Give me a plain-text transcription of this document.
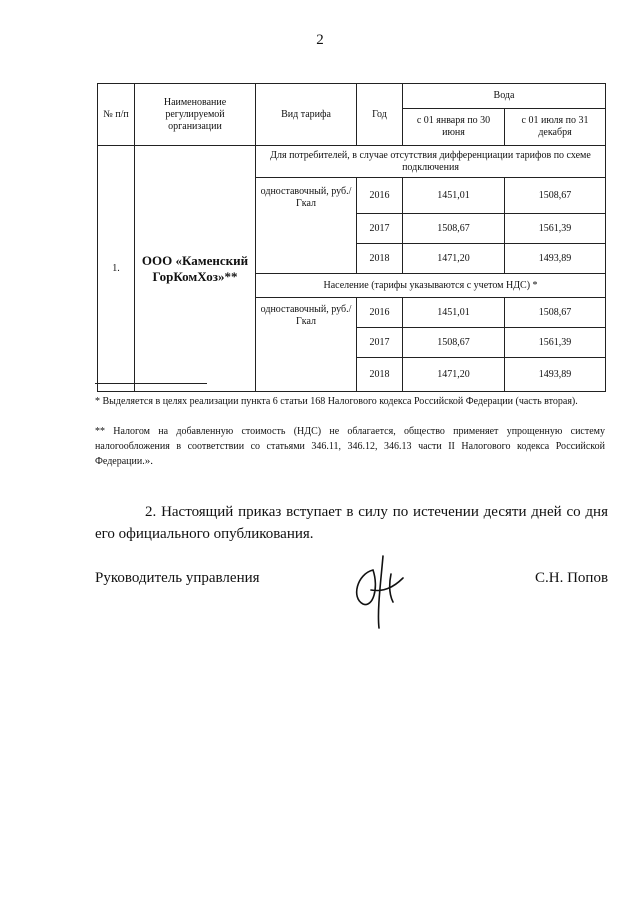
2
№ п/п	Наименование регулируемой организации	Вид тарифа	Год	Вода	
				с 01 января по 30 июня	с 01 июля по 31 декабря
1.	ООО «Каменский ГорКомХоз»**	Для потребителей, в случае отсутствия дифференциации тарифов по схеме подключения			
		одноставочный, руб./Гкал	2016	1451,01	1508,67
			2017	1508,67	1561,39
			2018	1471,20	1493,89
		Население (тарифы указываются с учетом НДС) *			
		одноставочный, руб./Гкал	2016	1451,01	1508,67
			2017	1508,67	1561,39
			2018	1471,20	1493,89
* Выделяется в целях реализации пункта 6 статьи 168 Налогового кодекса Российской Федерации (часть вторая).
** Налогом на добавленную стоимость (НДС) не облагается, общество применяет упрощенную систему налогообложения в соответствии со статьями 346.11, 346.12, 346.13 части II Налогового кодекса Российской Федерации.».
2. Настоящий приказ вступает в силу по истечении десяти дней со дня его официального опубликования.
Руководитель управления	С.Н. Попов
